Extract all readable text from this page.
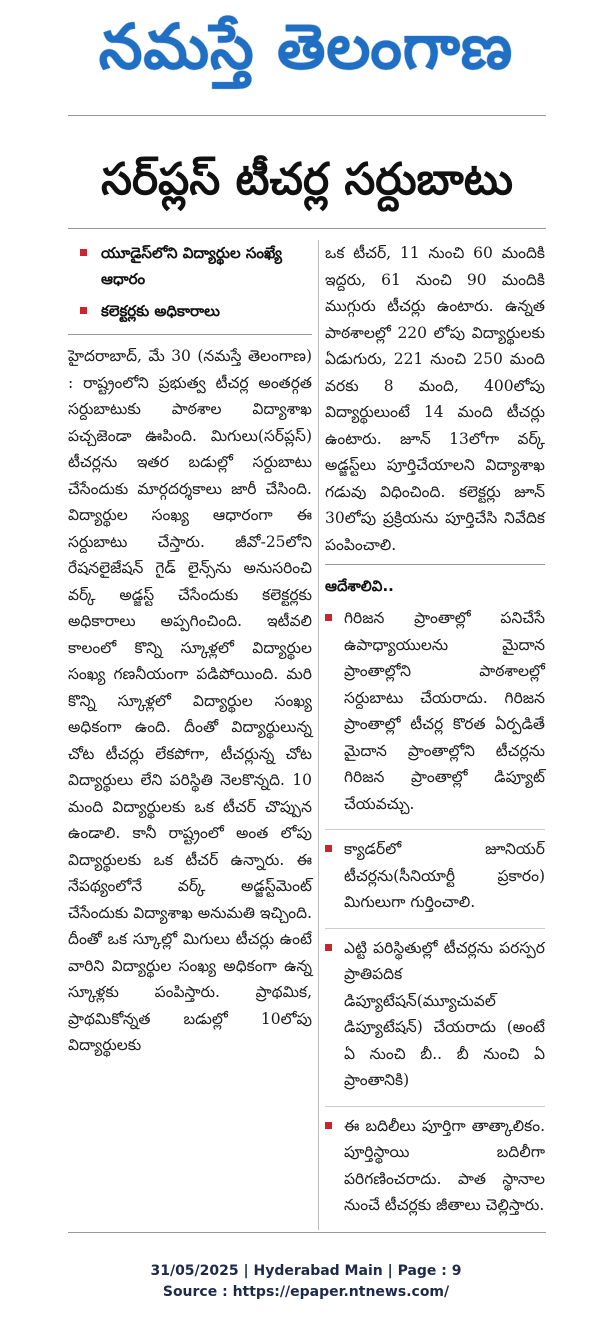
నమస్తే తెలంగాణ
సర్‌ప్లస్ టీచర్ల సర్దుబాటు
యూడైస్‌లోని విద్యార్థుల సంఖ్యే ఆధారం
కలెక్టర్లకు అధికారాలు
హైదరాబాద్, మే 30 (నమస్తే తెలంగాణ) : రాష్ట్రంలోని ప్రభుత్వ టీచర్ల అంతర్గత సర్దుబాటుకు పాఠశాల విద్యాశాఖ పచ్చజెండా ఊపింది. మిగులు(సర్‌ప్లస్) టీచర్లను ఇతర బడుల్లో సర్దుబాటు చేసేందుకు మార్గదర్శకాలు జారీ చేసింది. విద్యార్థుల సంఖ్య ఆధారంగా ఈ సర్దుబాటు చేస్తారు. జీవో-25లోని రేషనలైజేషన్ గైడ్ లైన్స్‌ను అనుసరించి వర్క్ అడ్జస్ట్ చేసేందుకు కలెక్టర్లకు అధికారాలు అప్పగించింది. ఇటీవలి కాలంలో కొన్ని స్కూళ్లలో విద్యార్థుల సంఖ్య గణనీయంగా పడిపోయింది. మరి కొన్ని స్కూళ్లలో విద్యార్థుల సంఖ్య అధికంగా ఉంది. దీంతో విద్యార్థులున్న చోట టీచర్లు లేకపోగా, టీచర్లున్న చోట విద్యార్థులు లేని పరిస్థితి నెలకొన్నది. 10 మంది విద్యార్థులకు ఒక టీచర్ చొప్పున ఉండాలి. కానీ రాష్ట్రంలో అంత లోపు విద్యార్థులకు ఒక టీచర్ ఉన్నారు. ఈ నేపథ్యంలోనే వర్క్ అడ్జస్ట్‌మెంట్ చేసేందుకు విద్యాశాఖ అనుమతి ఇచ్చింది. దీంతో ఒక స్కూల్లో మిగులు టీచర్లు ఉంటే వారిని విద్యార్థుల సంఖ్య అధికంగా ఉన్న స్కూళ్లకు పంపిస్తారు. ప్రాథమిక, ప్రాథమికోన్నత బడుల్లో 10లోపు విద్యార్థులకు
ఒక టీచర్, 11 నుంచి 60 మందికి ఇద్దరు, 61 నుంచి 90 మందికి ముగ్గురు టీచర్లు ఉంటారు. ఉన్నత పాఠశాలల్లో 220 లోపు విద్యార్థులకు ఏడుగురు, 221 నుంచి 250 మంది వరకు 8 మంది, 400లోపు విద్యార్థులుంటే 14 మంది టీచర్లు ఉంటారు. జూన్ 13లోగా వర్క్ అడ్జస్ట్‌లు పూర్తిచేయాలని విద్యాశాఖ గడువు విధించింది. కలెక్టర్లు జూన్ 30లోపు ప్రక్రియను పూర్తిచేసి నివేదిక పంపించాలి.
ఆదేశాలివి..
గిరిజన ప్రాంతాల్లో పనిచేసే ఉపాధ్యాయులను మైదాన ప్రాంతాల్లోని పాఠశాలల్లో సర్దుబాటు చేయరాదు. గిరిజన ప్రాంతాల్లో టీచర్ల కొరత ఏర్పడితే మైదాన ప్రాంతాల్లోని టీచర్లను గిరిజన ప్రాంతాల్లో డిప్యూట్ చేయవచ్చు.
క్యాడర్‌లో జూనియర్ టీచర్లను(సీనియార్టీ ప్రకారం) మిగులుగా గుర్తించాలి.
ఎట్టి పరిస్థితుల్లో టీచర్లను పరస్పర ప్రాతిపదిక డిప్యూటేషన్(మ్యూచువల్ డిప్యూటేషన్) చేయరాదు (అంటే ఏ నుంచి బీ.. బీ నుంచి ఏ ప్రాంతానికి)
ఈ బదిలీలు పూర్తిగా తాత్కాలికం. పూర్తిస్థాయి బదిలీగా పరిగణించరాదు. పాత స్థానాల నుంచే టీచర్లకు జీతాలు చెల్లిస్తారు.
31/05/2025 | Hyderabad Main | Page : 9
Source : https://epaper.ntnews.com/
